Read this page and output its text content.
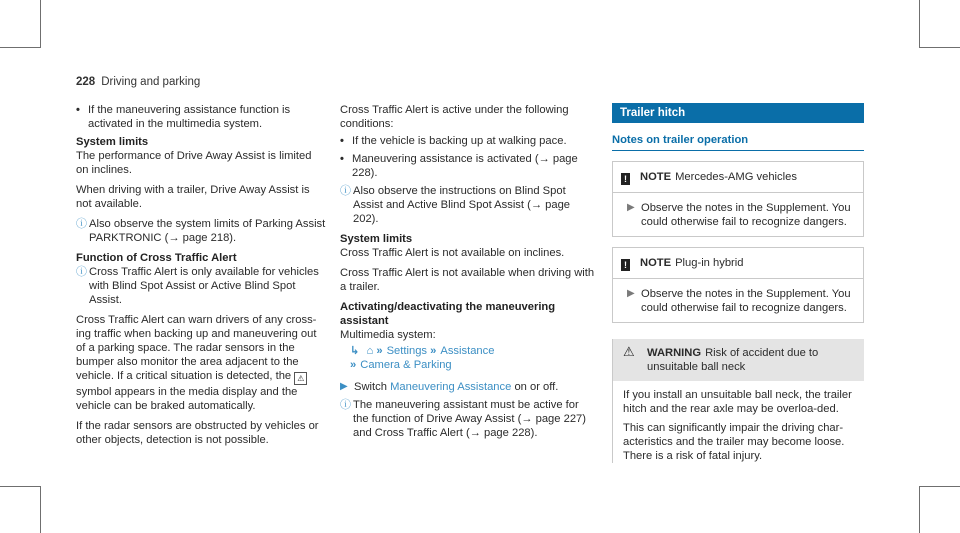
228 Driving and parking
• If the maneuvering assistance function is activated in the multimedia system.

System limits

The performance of Drive Away Assist is limited on inclines.

When driving with a trailer, Drive Away Assist is not available.

ⓘ Also observe the system limits of Parking Assist PARKTRONIC (→ page 218).

Function of Cross Traffic Alert

ⓘ Cross Traffic Alert is only available for vehicles with Blind Spot Assist or Active Blind Spot Assist.

Cross Traffic Alert can warn drivers of any cross-ing traffic when backing up and maneuvering out of a parking space. The radar sensors in the bumper also monitor the area adjacent to the vehicle. If a critical situation is detected, the ⚠ symbol appears in the media display and the vehicle can be braked automatically.

If the radar sensors are obstructed by vehicles or other objects, detection is not possible.

Cross Traffic Alert is active under the following conditions:

• If the vehicle is backing up at walking pace.
• Maneuvering assistance is activated (→ page 228).
ⓘ Also observe the instructions on Blind Spot Assist and Active Blind Spot Assist (→ page 202).

System limits

Cross Traffic Alert is not available on inclines.

Cross Traffic Alert is not available when driving with a trailer.

Activating/deactivating the maneuvering assistant

Multimedia system:

↳ ⌂ » Settings » Assistance
» Camera & Parking
▶ Switch Maneuvering Assistance on or off.
ⓘ The maneuvering assistant must be active for the function of Drive Away Assist (→ page 227) and Cross Traffic Alert (→ page 228).
Trailer hitch
Notes on trailer operation
! NOTE Mercedes-AMG vehicles
▶ Observe the notes in the Supplement. You could otherwise fail to recognize dangers.
! NOTE Plug-in hybrid
▶ Observe the notes in the Supplement. You could otherwise fail to recognize dangers.
⚠ WARNING Risk of accident due to unsuitable ball neck

If you install an unsuitable ball neck, the trailer hitch and the rear axle may be overloa-ded.

This can significantly impair the driving char-acteristics and the trailer may become loose. There is a risk of fatal injury.
